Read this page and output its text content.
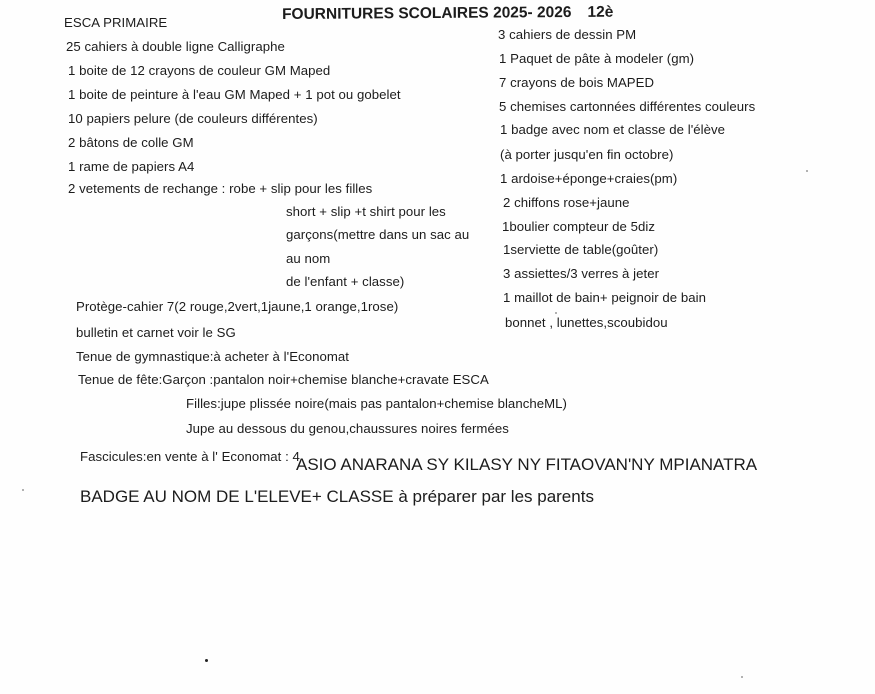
ESCA PRIMAIRE	FOURNITURES SCOLAIRES 2025- 2026 12è
25 cahiers à double ligne Calligraphe
1 boite de 12 crayons de couleur GM Maped
1 boite de peinture à l'eau GM Maped + 1 pot ou gobelet
10 papiers pelure (de couleurs différentes)
2 bâtons de colle GM
1 rame de papiers A4
2 vetements de rechange : robe + slip pour les filles
short + slip +t shirt pour les
garçons(mettre dans un sac au
au nom
de l'enfant + classe)
Protège-cahier 7(2 rouge,2vert,1jaune,1 orange,1rose)
bulletin et carnet voir le SG
Tenue de gymnastique:à acheter à l'Economat
Tenue de fête:Garçon :pantalon noir+chemise blanche+cravate ESCA
Filles:jupe plissée noire(mais pas pantalon+chemise blancheML)
Jupe au dessous du genou,chaussures noires fermées
Fascicules:en vente à l' Economat : 4
3 cahiers de dessin PM
1 Paquet de pâte à modeler (gm)
7 crayons de bois MAPED
5 chemises cartonnées différentes couleurs
1 badge avec nom et classe de l'élève
(à porter jusqu'en fin octobre)
1 ardoise+éponge+craies(pm)
2 chiffons rose+jaune
1boulier compteur de 5diz
1serviette de table(goûter)
3 assiettes/3 verres à jeter
1 maillot de bain+ peignoir de bain
bonnet , lunettes,scoubidou
ASIO ANARANA SY KILASY NY FITAOVAN'NY MPIANATRA
BADGE AU NOM DE L'ELEVE+ CLASSE à préparer par les parents
